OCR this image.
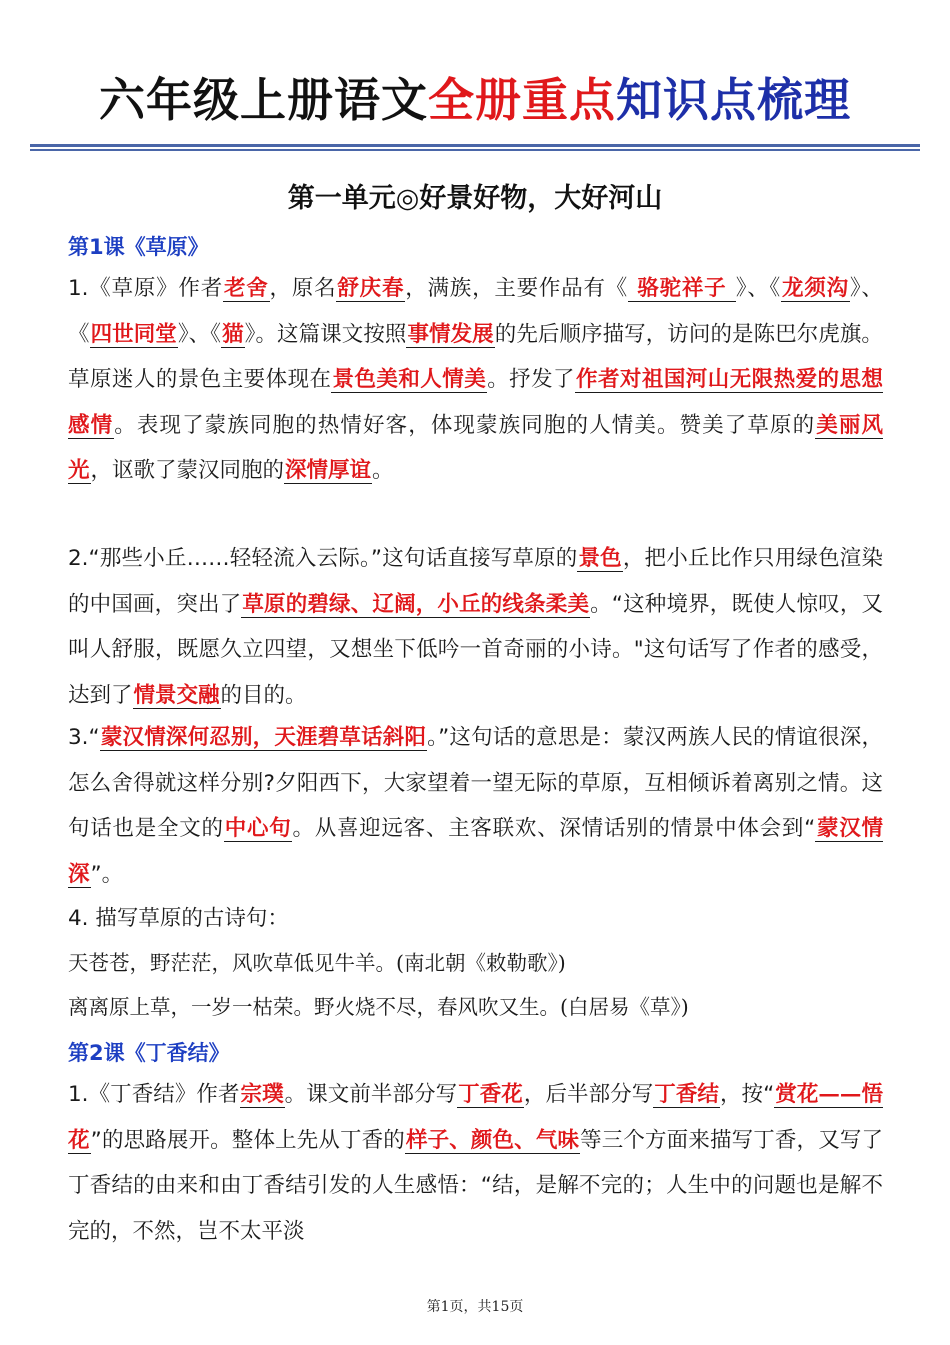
六年级上册语文全册重点知识点梳理
第一单元◎好景好物，大好河山
第1课《草原》
1.《草原》作者老舍，原名舒庆春，满族，主要作品有《 骆驼祥子 》、《龙须沟》、《四世同堂》、《猫》。这篇课文按照事情发展的先后顺序描写，访问的是陈巴尔虎旗。草原迷人的景色主要体现在景色美和人情美。抒发了作者对祖国河山无限热爱的思想感情。表现了蒙族同胞的热情好客，体现蒙族同胞的人情美。赞美了草原的美丽风光，讴歌了蒙汉同胞的深情厚谊。
2.“那些小丘……轻轻流入云际。”这句话直接写草原的景色，把小丘比作只用绿色渲染的中国画，突出了草原的碧绿、辽阔，小丘的线条柔美。“这种境界，既使人惊叹，又叫人舒服，既愿久立四望，又想坐下低吟一首奇丽的小诗。"这句话写了作者的感受，达到了情景交融的目的。
3.“蒙汉情深何忍别，天涯碧草话斜阳。”这句话的意思是：蒙汉两族人民的情谊很深，怎么舍得就这样分别?夕阳西下，大家望着一望无际的草原，互相倾诉着离别之情。这句话也是全文的中心句。从喜迎远客、主客联欢、深情话别的情景中体会到“蒙汉情深”。
4. 描写草原的古诗句：
天苍苍，野茫茫，风吹草低见牛羊。(南北朝《敕勒歌》)
离离原上草，一岁一枯荣。野火烧不尽，春风吹又生。(白居易《草》)
第2课《丁香结》
1.《丁香结》作者宗璞。课文前半部分写丁香花，后半部分写丁香结，按“赏花——悟花”的思路展开。整体上先从丁香的样子、颜色、气味等三个方面来描写丁香，又写了丁香结的由来和由丁香结引发的人生感悟：“结，是解不完的；人生中的问题也是解不完的，不然，岂不太平淡
第1页，共15页
